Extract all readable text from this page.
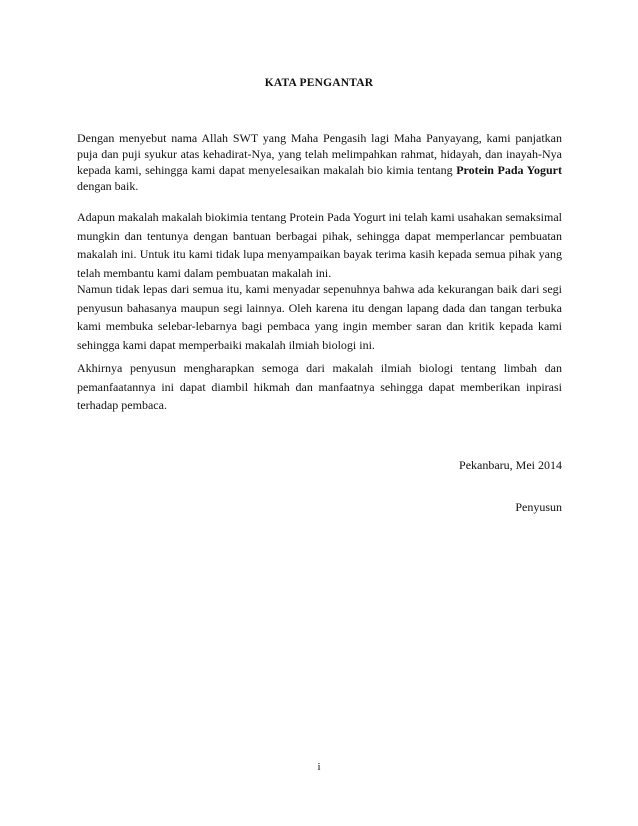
KATA PENGANTAR
Dengan menyebut nama Allah SWT yang Maha Pengasih lagi Maha Panyayang, kami panjatkan puja dan puji syukur atas kehadirat-Nya, yang telah melimpahkan rahmat, hidayah, dan inayah-Nya kepada kami, sehingga kami dapat menyelesaikan makalah bio kimia tentang Protein Pada Yogurt dengan baik.
Adapun makalah makalah biokimia tentang Protein Pada Yogurt ini telah kami usahakan semaksimal mungkin dan tentunya dengan bantuan berbagai pihak, sehingga dapat memperlancar pembuatan makalah ini. Untuk itu kami tidak lupa menyampaikan bayak terima kasih kepada semua pihak yang telah membantu kami dalam pembuatan makalah ini.
Namun tidak lepas dari semua itu, kami menyadar sepenuhnya bahwa ada kekurangan baik dari segi penyusun bahasanya maupun segi lainnya. Oleh karena itu dengan lapang dada dan tangan terbuka kami membuka selebar-lebarnya bagi pembaca yang ingin member saran dan kritik kepada kami sehingga kami dapat memperbaiki makalah ilmiah biologi ini.
Akhirnya penyusun mengharapkan semoga dari makalah ilmiah biologi tentang limbah dan pemanfaatannya ini dapat diambil hikmah dan manfaatnya sehingga dapat memberikan inpirasi terhadap pembaca.
Pekanbaru, Mei 2014
Penyusun
i
